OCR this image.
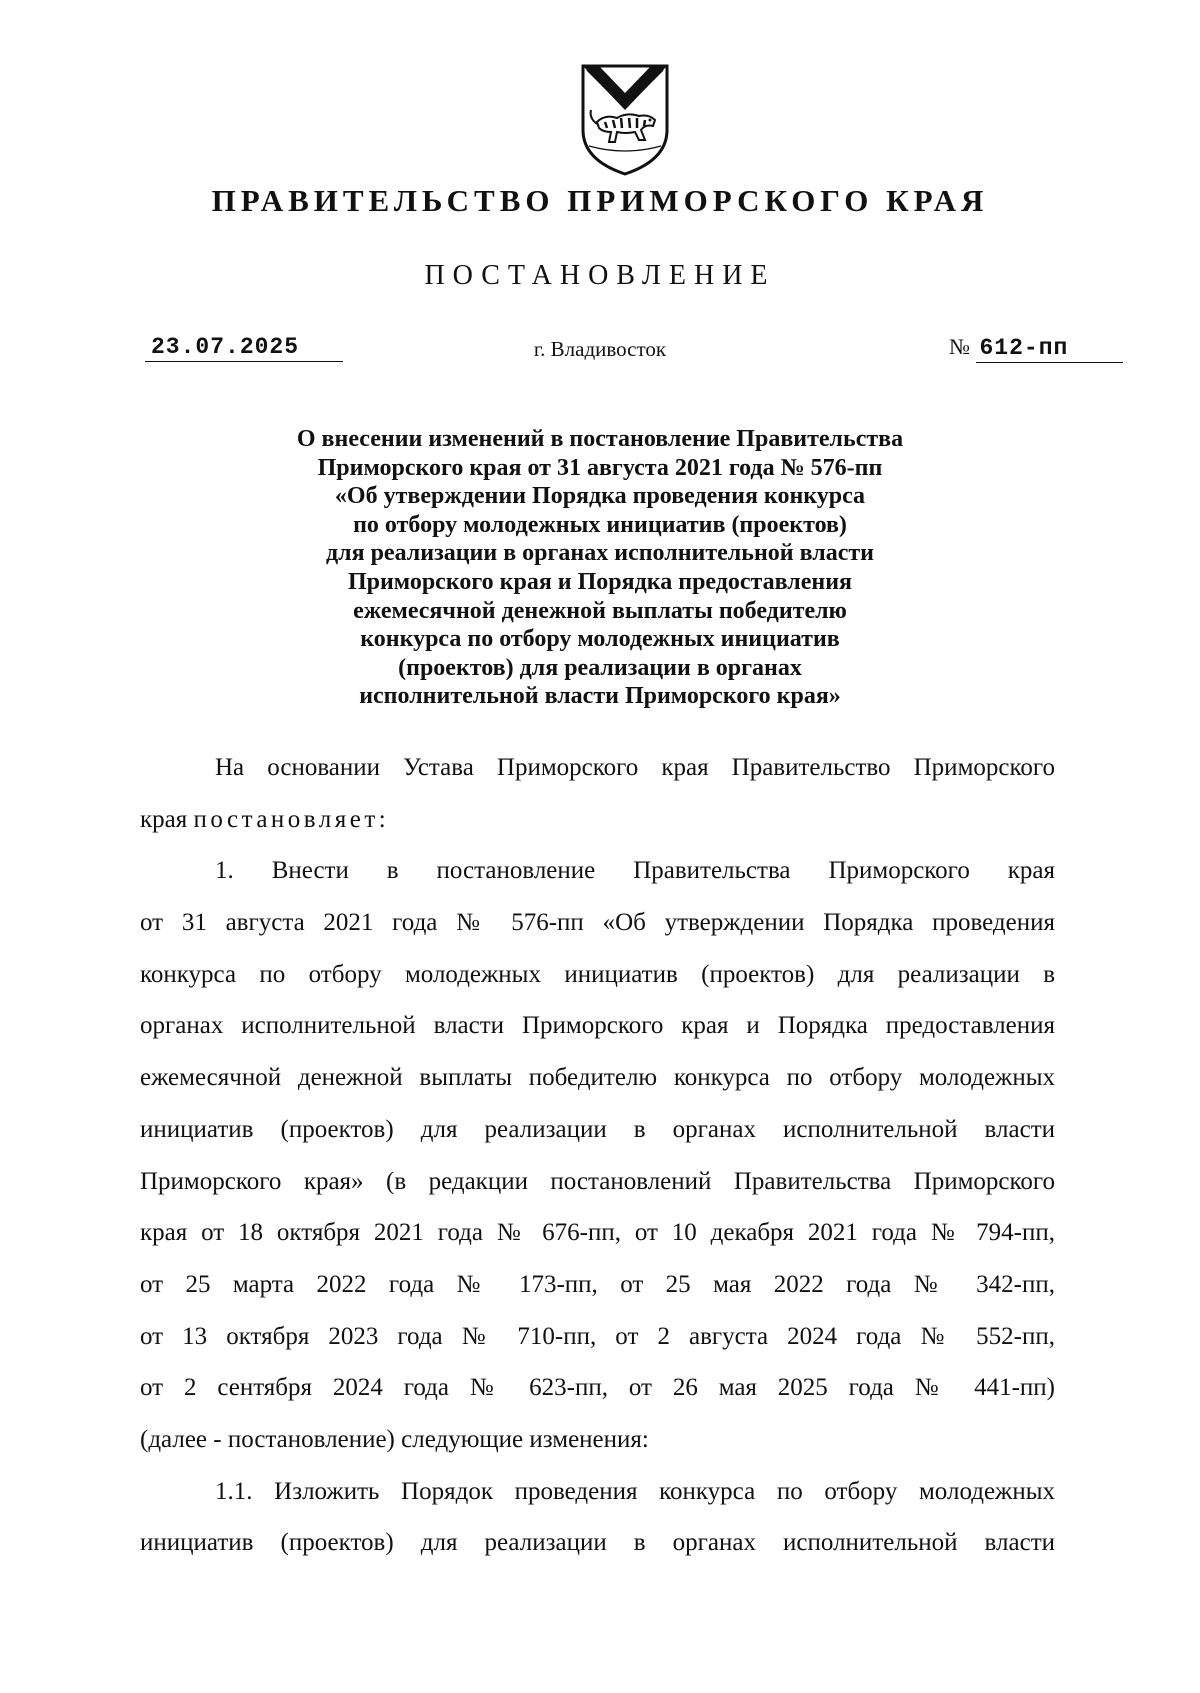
ПРАВИТЕЛЬСТВО ПРИМОРСКОГО КРАЯ
ПОСТАНОВЛЕНИЕ
23.07.2025	г. Владивосток	№ 612-пп
О внесении изменений в постановление Правительства
Приморского края от 31 августа 2021 года № 576-пп
«Об утверждении Порядка проведения конкурса
по отбору молодежных инициатив (проектов)
для реализации в органах исполнительной власти
Приморского края и Порядка предоставления
ежемесячной денежной выплаты победителю
конкурса по отбору молодежных инициатив
(проектов) для реализации в органах
исполнительной власти Приморского края»
На основании Устава Приморского края Правительство Приморского
края постановляет:
1. Внести в постановление Правительства Приморского края
от 31 августа 2021 года № 576-пп «Об утверждении Порядка проведения
конкурса по отбору молодежных инициатив (проектов) для реализации в
органах исполнительной власти Приморского края и Порядка предоставления
ежемесячной денежной выплаты победителю конкурса по отбору молодежных
инициатив (проектов) для реализации в органах исполнительной власти
Приморского края» (в редакции постановлений Правительства Приморского
края от 18 октября 2021 года № 676-пп, от 10 декабря 2021 года № 794-пп,
от 25 марта 2022 года № 173-пп, от 25 мая 2022 года № 342-пп,
от 13 октября 2023 года № 710-пп, от 2 августа 2024 года № 552-пп,
от 2 сентября 2024 года № 623-пп, от 26 мая 2025 года № 441-пп)
(далее - постановление) следующие изменения:
1.1. Изложить Порядок проведения конкурса по отбору молодежных
инициатив (проектов) для реализации в органах исполнительной власти
